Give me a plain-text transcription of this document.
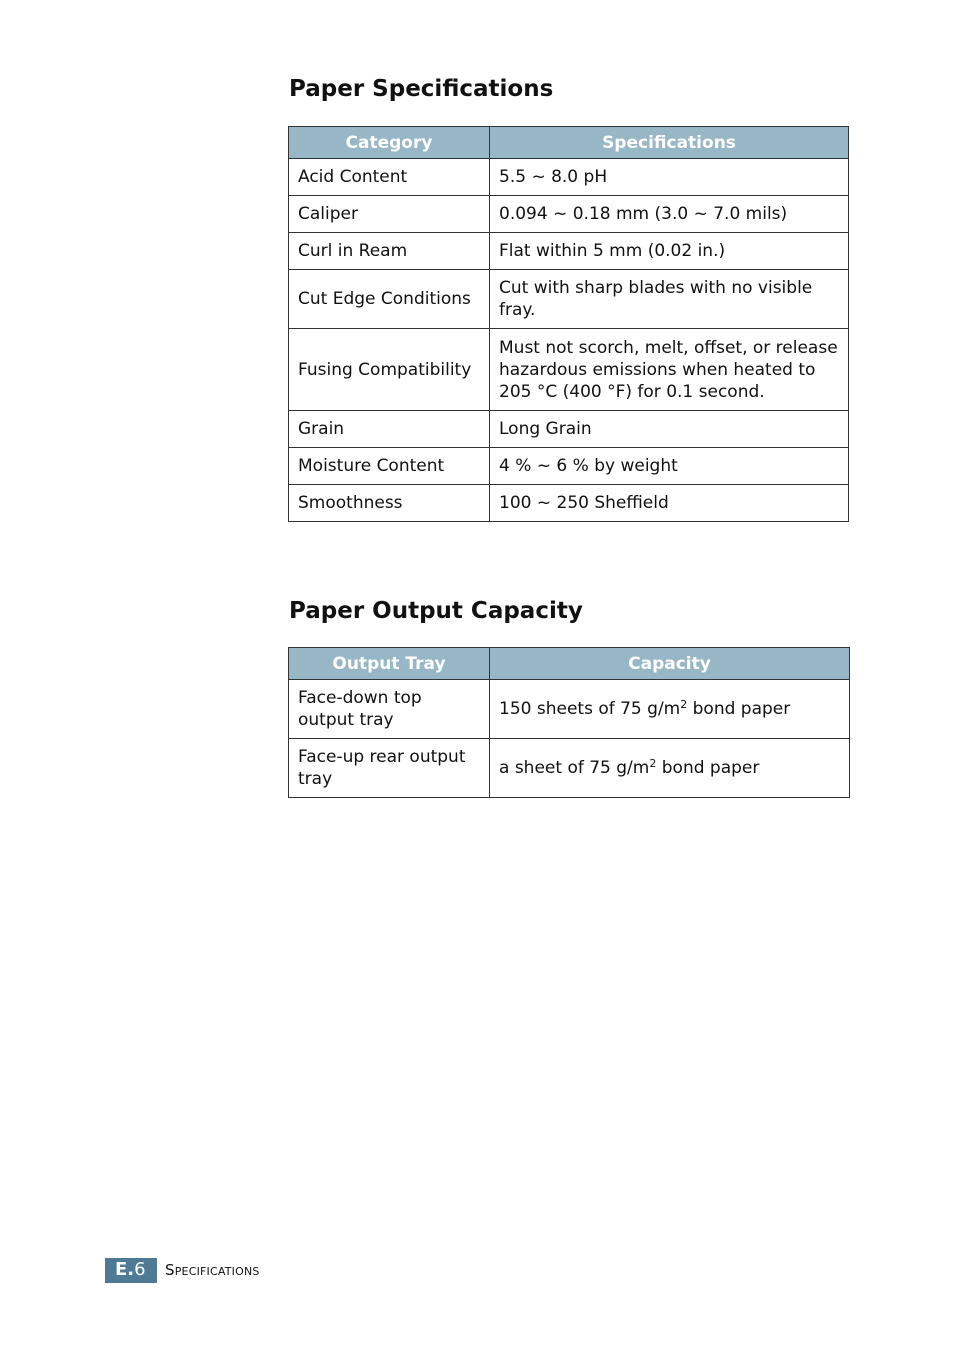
Paper Specifications
Category	Specifications
Acid Content	5.5 ~ 8.0 pH
Caliper	0.094 ~ 0.18 mm (3.0 ~ 7.0 mils)
Curl in Ream	Flat within 5 mm (0.02 in.)
Cut Edge Conditions	Cut with sharp blades with no visible fray.
Fusing Compatibility	Must not scorch, melt, offset, or release hazardous emissions when heated to 205 °C (400 °F) for 0.1 second.
Grain	Long Grain
Moisture Content	4 % ~ 6 % by weight
Smoothness	100 ~ 250 Sheffield
Paper Output Capacity
Output Tray	Capacity
Face-down top output tray	150 sheets of 75 $g/m^2$ bond paper
Face-up rear output tray	a sheet of 75 $g/m^2$ bond paper
E.6	Specifications
